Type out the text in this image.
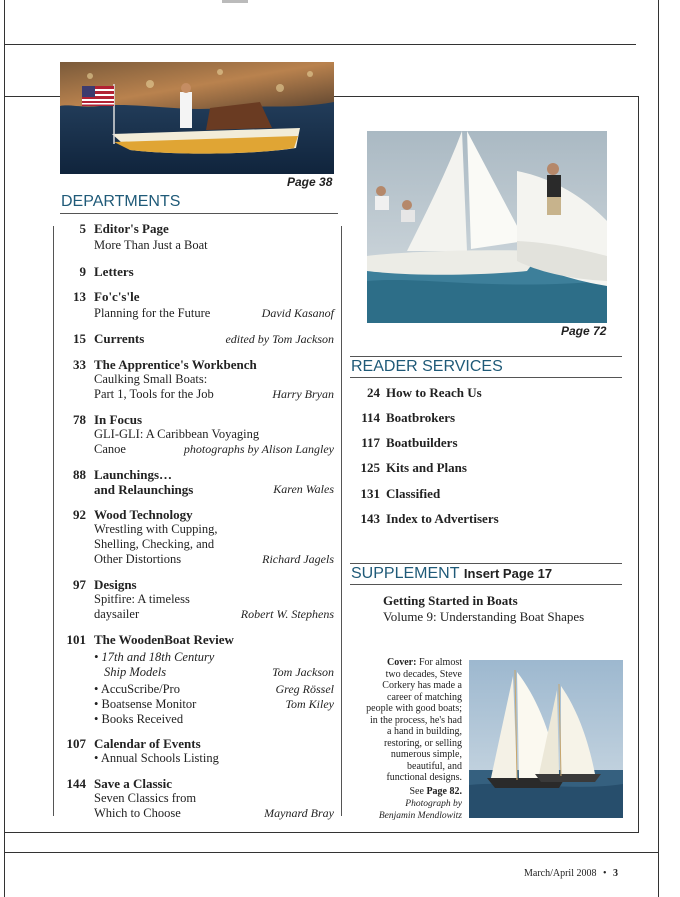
Page 38
Page 72
DEPARTMENTS
5 Editor's Page
More Than Just a Boat
9 Letters
13 Fo'c's'le
Planning for the Future	David Kasanof
15 Currents	edited by Tom Jackson
33 The Apprentice's Workbench
Caulking Small Boats:
Part 1, Tools for the Job	Harry Bryan
78 In Focus
GLI-GLI: A Caribbean Voyaging
Canoe	photographs by Alison Langley
88 Launchings…
and Relaunchings	Karen Wales
92 Wood Technology
Wrestling with Cupping,
Shelling, Checking, and
Other Distortions	Richard Jagels
97 Designs
Spitfire: A timeless
daysailer	Robert W. Stephens
101 The WoodenBoat Review
• 17th and 18th Century
Ship Models	Tom Jackson
• AccuScribe/Pro	Greg Rössel
• Boatsense Monitor	Tom Kiley
• Books Received
107 Calendar of Events
• Annual Schools Listing
144 Save a Classic
Seven Classics from
Which to Choose	Maynard Bray
READER SERVICES
24 How to Reach Us
114 Boatbrokers
117 Boatbuilders
125 Kits and Plans
131 Classified
143 Index to Advertisers
SUPPLEMENT Insert Page 17
Getting Started in Boats
Volume 9: Understanding Boat Shapes
Cover: For almost
two decades, Steve
Corkery has made a
career of matching
people with good boats;
in the process, he's had
a hand in building,
restoring, or selling
numerous simple,
beautiful, and
functional designs.
See Page 82.
Photograph by
Benjamin Mendlowitz
March/April 2008 • 3
